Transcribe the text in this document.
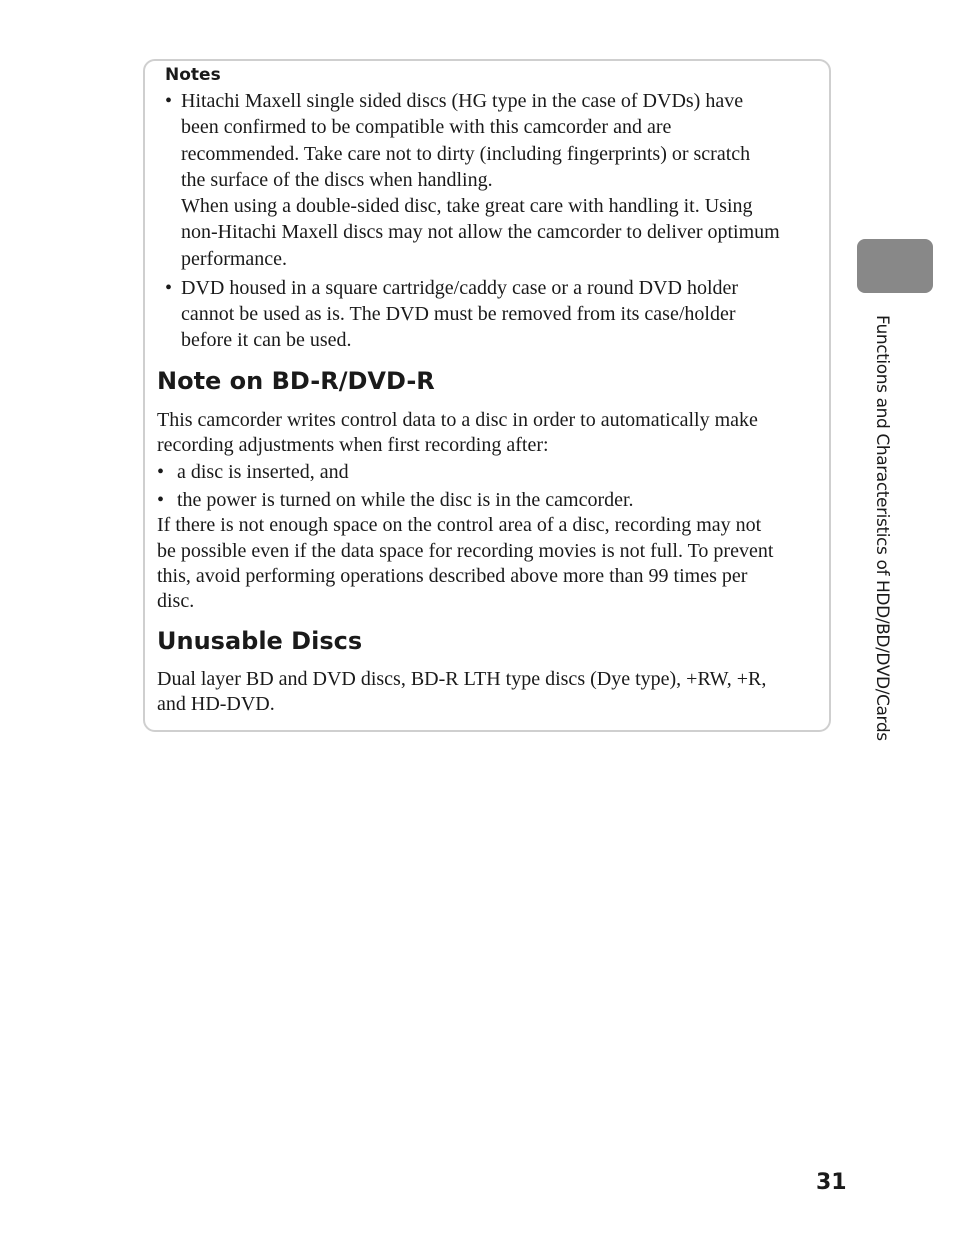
Notes

• Hitachi Maxell single sided discs (HG type in the case of DVDs) have

been confirmed to be compatible with this camcorder and are

recommended. Take care not to dirty (including fingerprints) or scratch

the surface of the discs when handling.

When using a double-sided disc, take great care with handling it. Using

non-Hitachi Maxell discs may not allow the camcorder to deliver optimum

performance.

• DVD housed in a square cartridge/caddy case or a round DVD holder

cannot be used as is. The DVD must be removed from its case/holder

before it can be used.

Note on BD-R/DVD-R

This camcorder writes control data to a disc in order to automatically make

recording adjustments when first recording after:

• a disc is inserted, and

• the power is turned on while the disc is in the camcorder.

If there is not enough space on the control area of a disc, recording may not

be possible even if the data space for recording movies is not full. To prevent

this, avoid performing operations described above more than 99 times per

disc.

Unusable Discs

Dual layer BD and DVD discs, BD-R LTH type discs (Dye type), +RW, +R,

and HD-DVD.	Functions and Characteristics of HDD/BD/DVD/Cards
31
